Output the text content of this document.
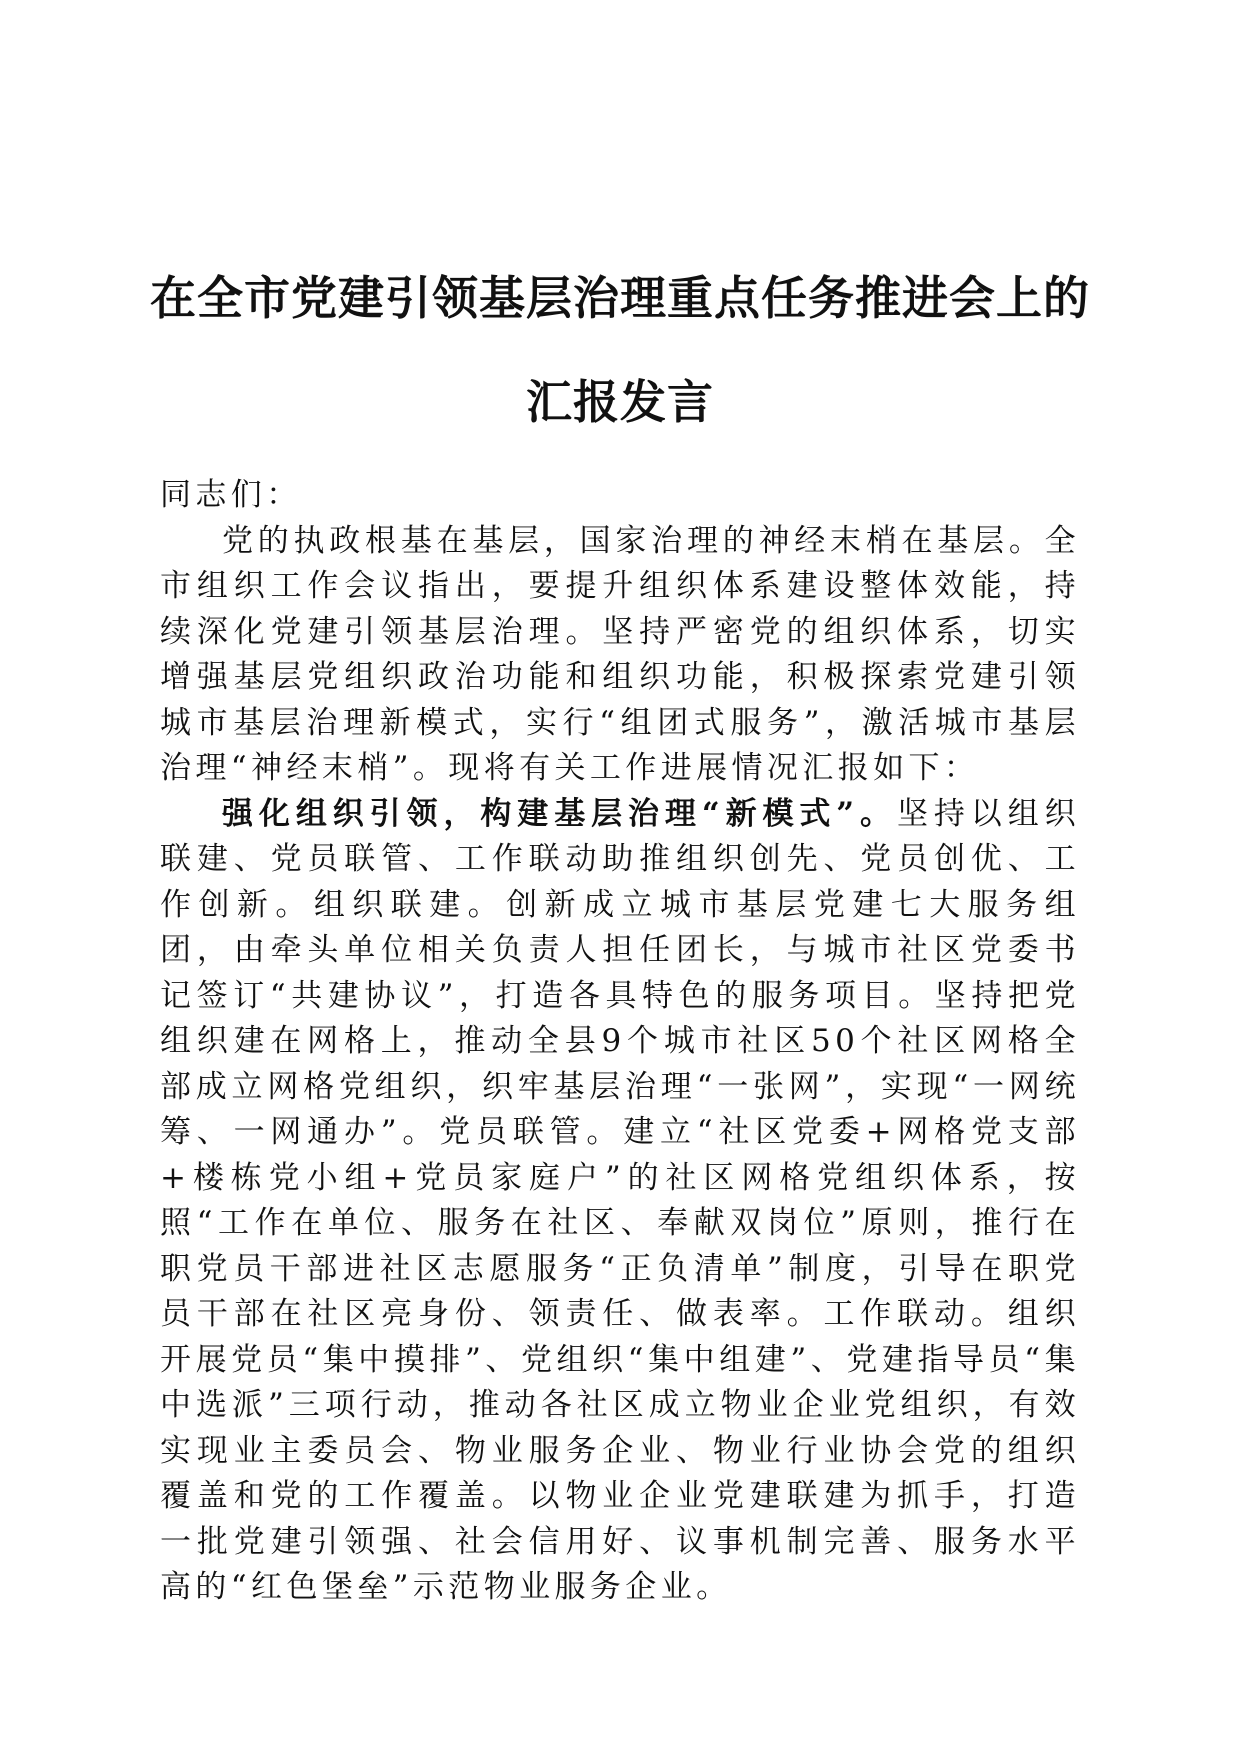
在全市党建引领基层治理重点任务推进会上的
汇报发言

同志们：

党的执政根基在基层，国家治理的神经末梢在基层。全市组织工作会议指出，要提升组织体系建设整体效能，持续深化党建引领基层治理。坚持严密党的组织体系，切实增强基层党组织政治功能和组织功能，积极探索党建引领城市基层治理新模式，实行“组团式服务”，激活城市基层治理“神经末梢”。现将有关工作进展情况汇报如下：

强化组织引领，构建基层治理“新模式”。坚持以组织联建、党员联管、工作联动助推组织创先、党员创优、工作创新。组织联建。创新成立城市基层党建七大服务组团，由牵头单位相关负责人担任团长，与城市社区党委书记签订“共建协议”，打造各具特色的服务项目。坚持把党组织建在网格上，推动全县9个城市社区50个社区网格全部成立网格党组织，织牢基层治理“一张网”，实现“一网统筹、一网通办”。党员联管。建立“社区党委+网格党支部+楼栋党小组+党员家庭户”的社区网格党组织体系，按照“工作在单位、服务在社区、奉献双岗位”原则，推行在职党员干部进社区志愿服务“正负清单”制度，引导在职党员干部在社区亮身份、领责任、做表率。工作联动。组织开展党员“集中摸排”、党组织“集中组建”、党建指导员“集中选派”三项行动，推动各社区成立物业企业党组织，有效实现业主委员会、物业服务企业、物业行业协会党的组织覆盖和党的工作覆盖。以物业企业党建联建为抓手，打造一批党建引领强、社会信用好、议事机制完善、服务水平高的“红色堡垒”示范物业服务企业。
